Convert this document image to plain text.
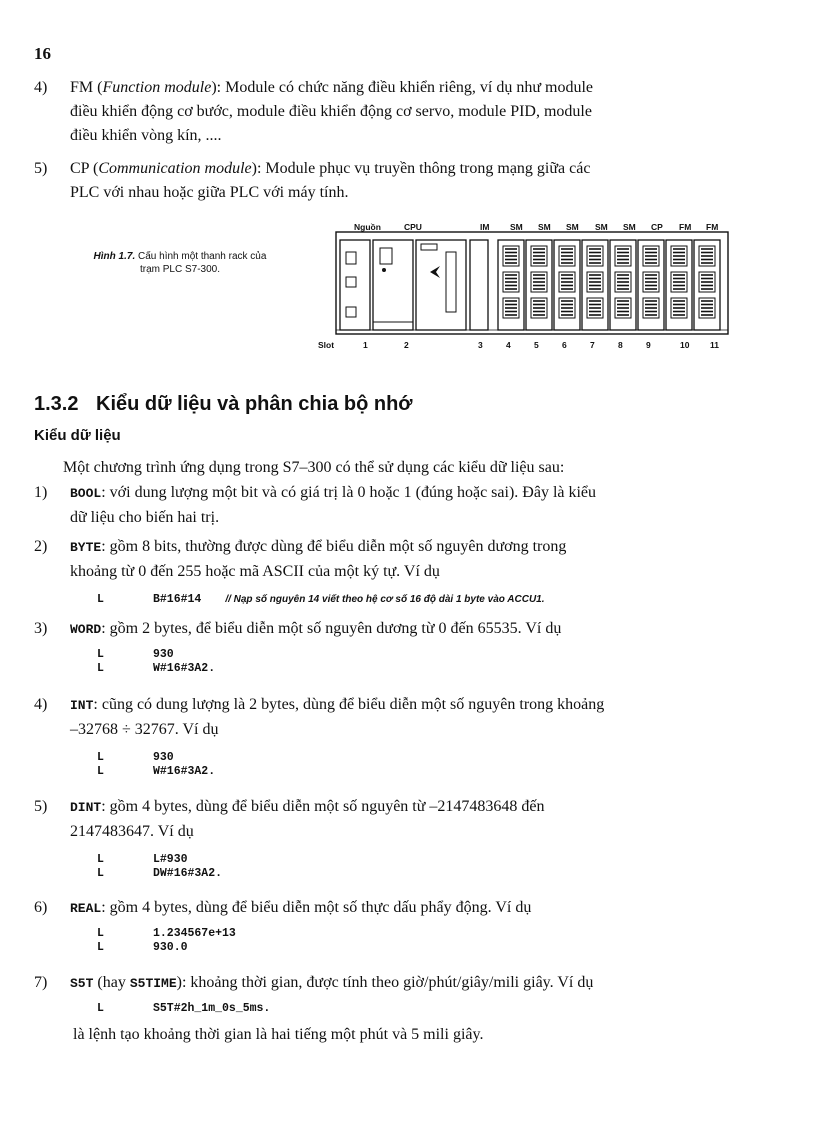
16
4) FM (Function module): Module có chức năng điều khiển riêng, ví dụ như module
điều khiển động cơ bước, module điều khiển động cơ servo, module PID, module
điều khiển vòng kín, ....
5) CP (Communication module): Module phục vụ truyền thông trong mạng giữa các
PLC với nhau hoặc giữa PLC với máy tính.
Hình 1.7. Cấu hình một thanh rack của
trạm PLC S7-300.
Nguồn	CPU	IM SM SM SM SM SM CP FM FM
Slot	1	2	3	4	5	6	7	8	9	10 11
1.3.2 Kiểu dữ liệu và phân chia bộ nhớ
Kiểu dữ liệu
Một chương trình ứng dụng trong S7–300 có thể sử dụng các kiểu dữ liệu sau:
1) BOOL: với dung lượng một bit và có giá trị là 0 hoặc 1 (đúng hoặc sai). Đây là kiểu
dữ liệu cho biến hai trị.
2) BYTE: gồm 8 bits, thường được dùng để biểu diễn một số nguyên dương trong
khoảng từ 0 đến 255 hoặc mã ASCII của một ký tự. Ví dụ
L	B#16#14 // Nạp số nguyên 14 viết theo hệ cơ số 16 độ dài 1 byte vào ACCU1.
3) WORD: gồm 2 bytes, để biểu diễn một số nguyên dương từ 0 đến 65535. Ví dụ
L	930
L	W#16#3A2.
4) INT: cũng có dung lượng là 2 bytes, dùng để biểu diễn một số nguyên trong khoảng
–32768 ÷ 32767. Ví dụ
L	930
L	W#16#3A2.
5) DINT: gồm 4 bytes, dùng để biểu diễn một số nguyên từ –2147483648 đến
2147483647. Ví dụ
L	L#930
L	DW#16#3A2.
6) REAL: gồm 4 bytes, dùng để biểu diễn một số thực dấu phẩy động. Ví dụ
L	1.234567e+13
L	930.0
7) S5T (hay S5TIME): khoảng thời gian, được tính theo giờ/phút/giây/mili giây. Ví dụ
L	S5T#2h_1m_0s_5ms.
là lệnh tạo khoảng thời gian là hai tiếng một phút và 5 mili giây.
